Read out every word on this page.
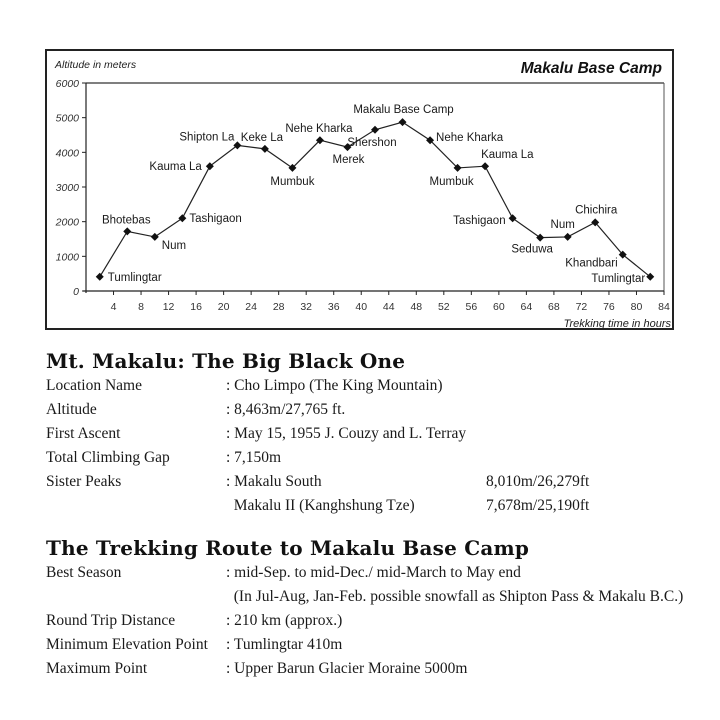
Altitude in meters	Makalu Base Camp
Trekking time in hours
0
1000
2000
3000
4000
5000
6000
4 8 12 16 20 24 28 32 36 40 44 48 52 56 60 64 68 72 76 80 84
Tumlingtar
Bhotebas
Num
Tashigaon
Kauma La
Shipton La Keke La
Mumbuk
Nehe Kharka
Merek
Shershon
Makalu Base Camp
Nehe Kharka
Mumbuk
Kauma La
Tashigaon
Seduwa
Num
Chichira
Khandbari
Tumlingtar
Mt. Makalu: The Big Black One
Location Name	: Cho Limpo (The King Mountain)
Altitude	: 8,463m/27,765 ft.
First Ascent	: May 15, 1955 J. Couzy and L. Terray
Total Climbing Gap	: 7,150m
Sister Peaks	: Makalu South	8,010m/26,279ft
Makalu II (Kanghshung Tze)	7,678m/25,190ft
The Trekking Route to Makalu Base Camp
Best Season	: mid-Sep. to mid-Dec./ mid-March to May end
(In Jul-Aug, Jan-Feb. possible snowfall as Shipton Pass & Makalu B.C.)
Round Trip Distance	: 210 km (approx.)
Minimum Elevation Point : Tumlingtar 410m
Maximum Point	: Upper Barun Glacier Moraine 5000m
